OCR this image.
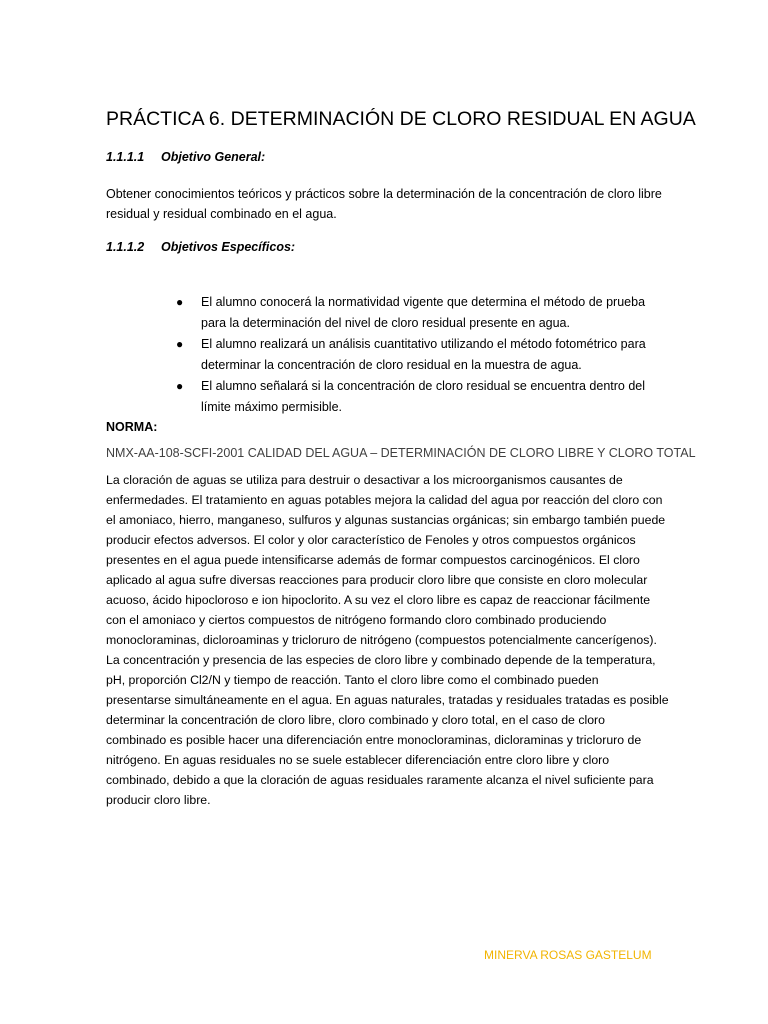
PRÁCTICA 6. DETERMINACIÓN DE CLORO RESIDUAL EN AGUA
1.1.1.1 Objetivo General:

Obtener conocimientos teóricos y prácticos sobre la determinación de la concentración de cloro libre
residual y residual combinado en el agua.

1.1.1.2 Objetivos Específicos:
● El alumno conocerá la normatividad vigente que determina el método de prueba
para la determinación del nivel de cloro residual presente en agua.
● El alumno realizará un análisis cuantitativo utilizando el método fotométrico para
determinar la concentración de cloro residual en la muestra de agua.
● El alumno señalará si la concentración de cloro residual se encuentra dentro del
límite máximo permisible.
NORMA:
NMX-AA-108-SCFI-2001 CALIDAD DEL AGUA – DETERMINACIÓN DE CLORO LIBRE Y CLORO TOTAL

La cloración de aguas se utiliza para destruir o desactivar a los microorganismos causantes de
enfermedades. El tratamiento en aguas potables mejora la calidad del agua por reacción del cloro con
el amoniaco, hierro, manganeso, sulfuros y algunas sustancias orgánicas; sin embargo también puede
producir efectos adversos. El color y olor característico de Fenoles y otros compuestos orgánicos
presentes en el agua puede intensificarse además de formar compuestos carcinogénicos. El cloro
aplicado al agua sufre diversas reacciones para producir cloro libre que consiste en cloro molecular
acuoso, ácido hipocloroso e ion hipoclorito. A su vez el cloro libre es capaz de reaccionar fácilmente
con el amoniaco y ciertos compuestos de nitrógeno formando cloro combinado produciendo
monocloraminas, dicloroaminas y tricloruro de nitrógeno (compuestos potencialmente cancerígenos).
La concentración y presencia de las especies de cloro libre y combinado depende de la temperatura,
pH, proporción Cl2/N y tiempo de reacción. Tanto el cloro libre como el combinado pueden
presentarse simultáneamente en el agua. En aguas naturales, tratadas y residuales tratadas es posible
determinar la concentración de cloro libre, cloro combinado y cloro total, en el caso de cloro
combinado es posible hacer una diferenciación entre monocloraminas, dicloraminas y tricloruro de
nitrógeno. En aguas residuales no se suele establecer diferenciación entre cloro libre y cloro
combinado, debido a que la cloración de aguas residuales raramente alcanza el nivel suficiente para
producir cloro libre.

MINERVA ROSAS GASTELUM
